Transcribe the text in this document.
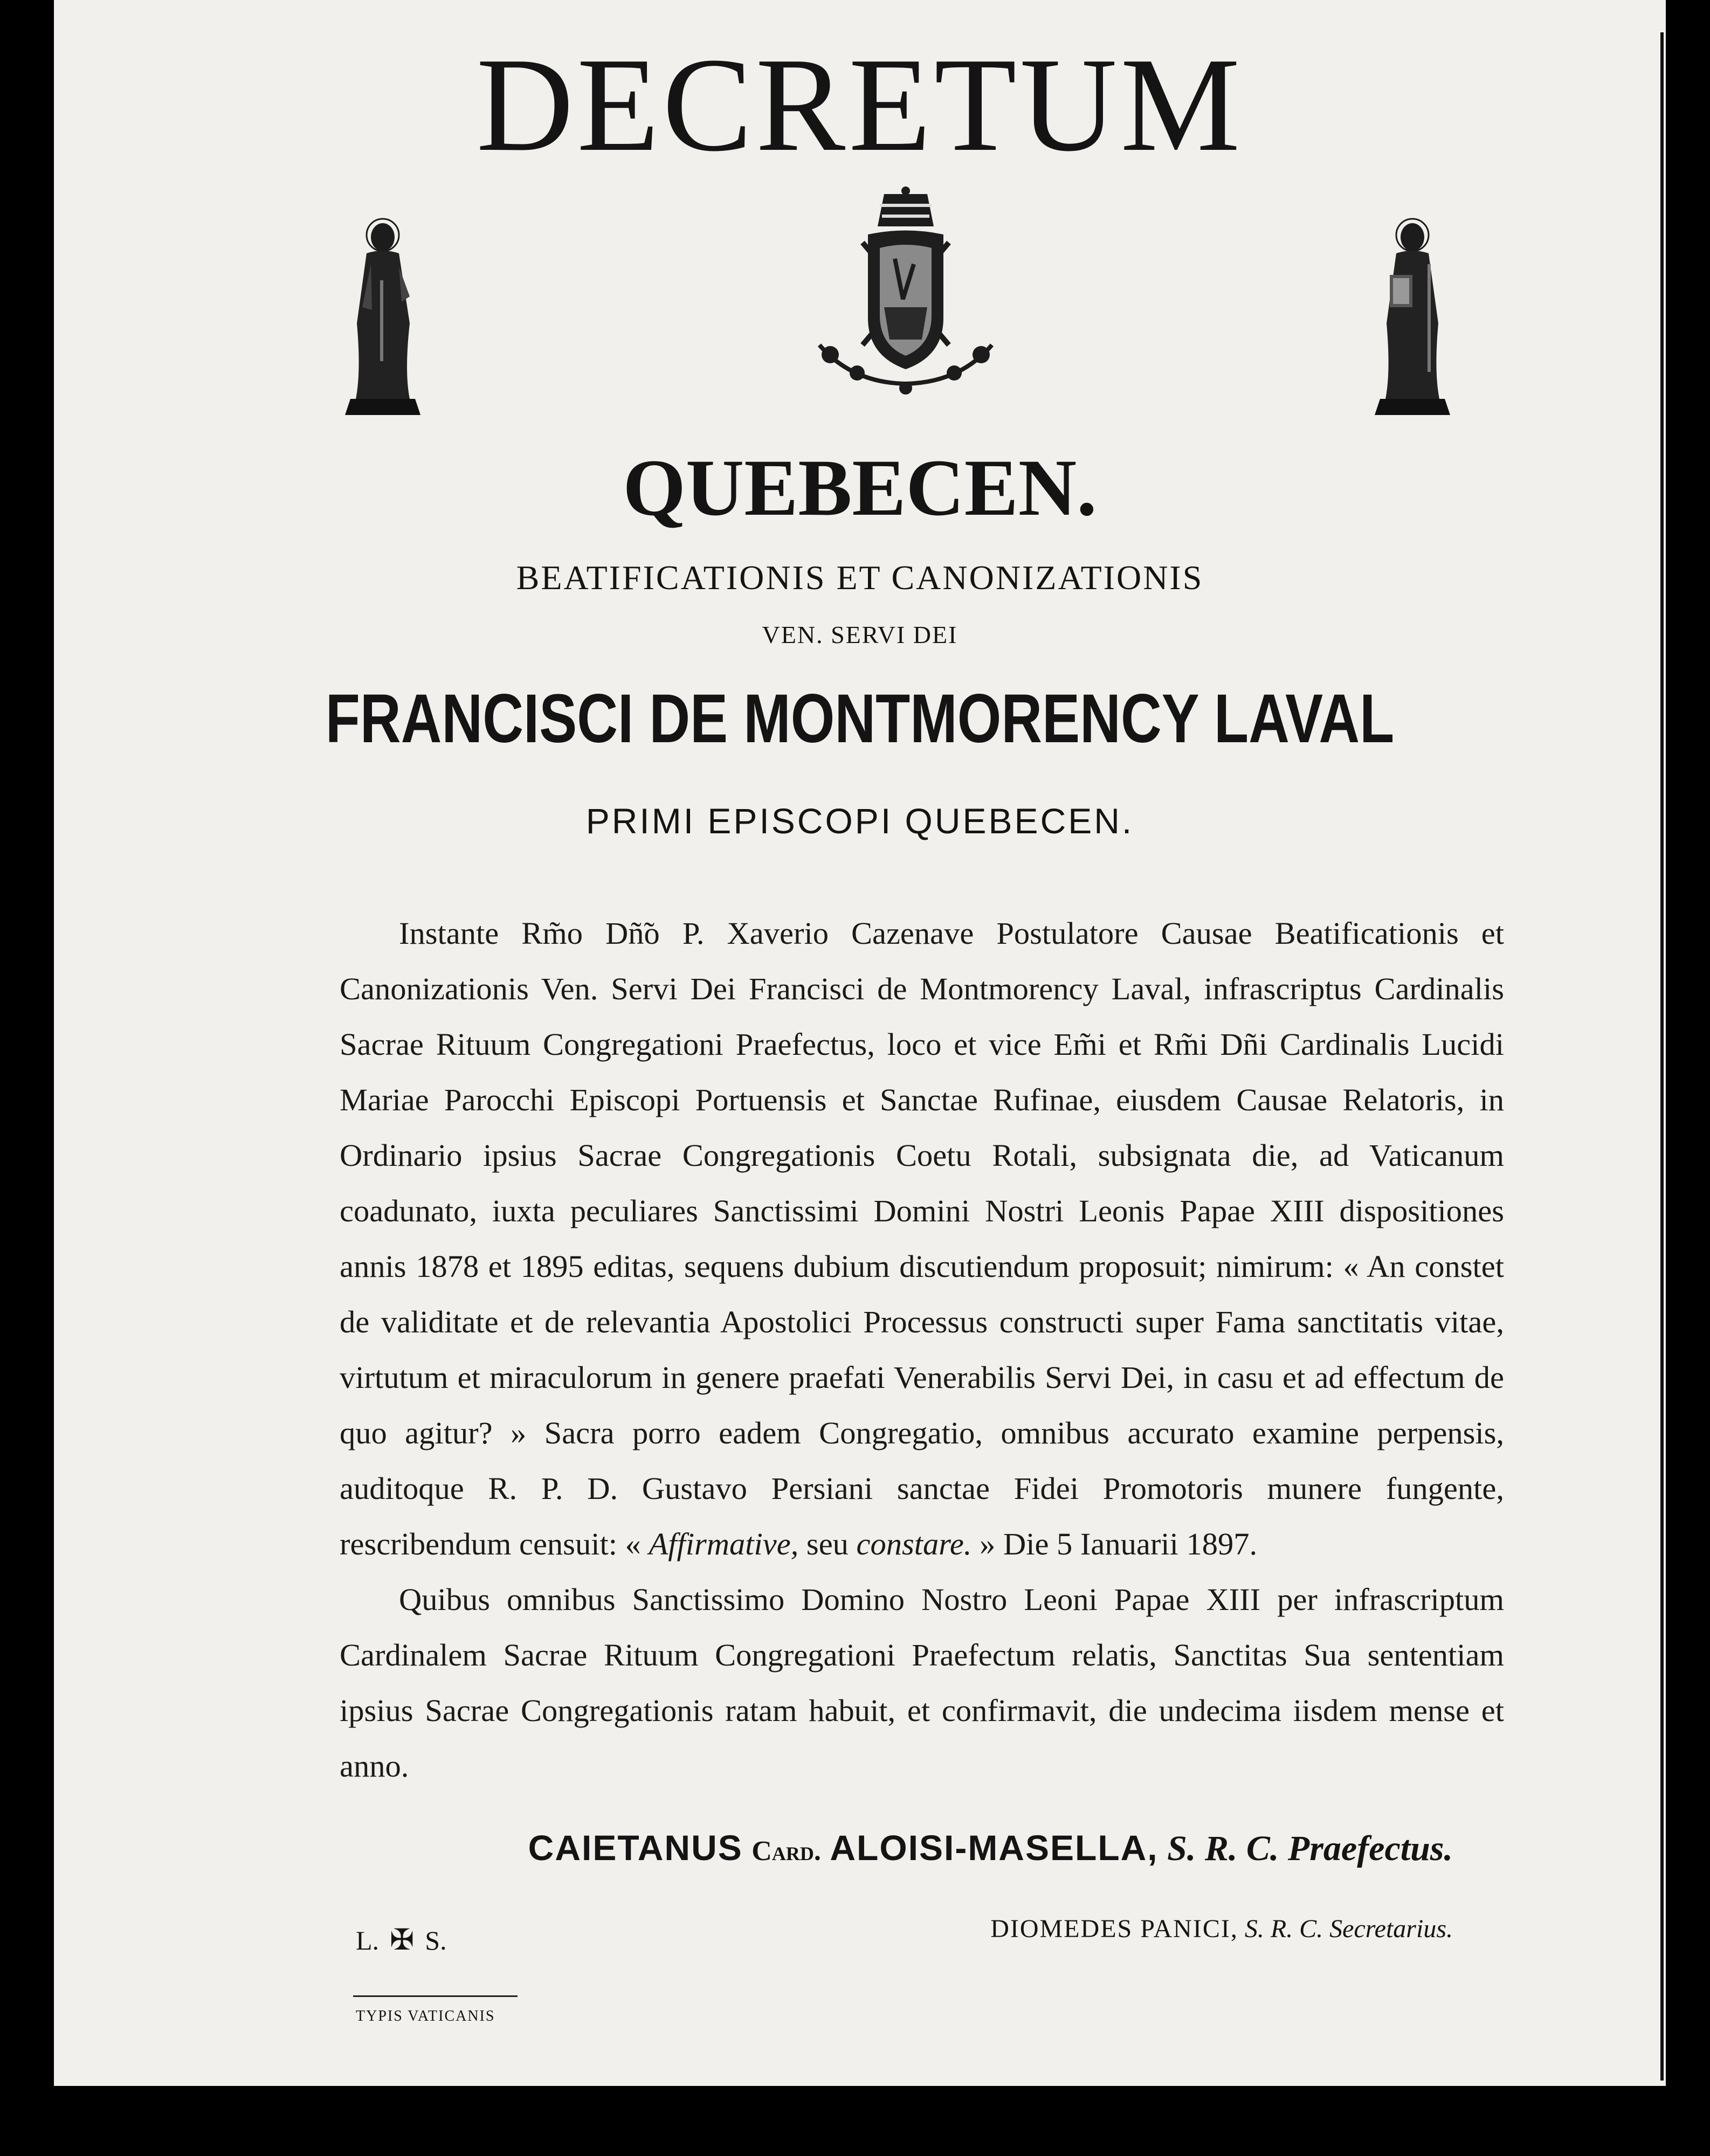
DECRETUM
QUEBECEN.
BEATIFICATIONIS ET CANONIZATIONIS
VEN. SERVI DEI
FRANCISCI DE MONTMORENCY LAVAL
PRIMI EPISCOPI QUEBECEN.

Instante Rm̃o Dñ̃o P. Xaverio Cazenave Postulatore Causae Beatificationis et Canonizationis Ven. Servi Dei Francisci de Montmorency Laval, infrascriptus Cardinalis Sacrae Rituum Congregationi Praefectus, loco et vice Em̃i et Rm̃i Dñi Cardinalis Lucidi Mariae Parocchi Episcopi Portuensis et Sanctae Rufinae, eiusdem Causae Relatoris, in Ordinario ipsius Sacrae Congregationis Coetu Rotali, subsignata die, ad Vaticanum coadunato, iuxta peculiares Sanctissimi Domini Nostri Leonis Papae XIII dispositiones annis 1878 et 1895 editas, sequens dubium discutiendum proposuit; nimirum: « An constet de validitate et de relevantia Apostolici Processus constructi super Fama sanctitatis vitae, virtutum et miraculorum in genere praefati Venerabilis Servi Dei, in casu et ad effectum de quo agitur? » Sacra porro eadem Congregatio, omnibus accurato examine perpensis, auditoque R. P. D. Gustavo Persiani sanctae Fidei Promotoris munere fungente, rescribendum censuit: « Affirmative, seu constare. » Die 5 Ianuarii 1897.

Quibus omnibus Sanctissimo Domino Nostro Leoni Papae XIII per infrascriptum Cardinalem Sacrae Rituum Congregationi Praefectum relatis, Sanctitas Sua sententiam ipsius Sacrae Congregationis ratam habuit, et confirmavit, die undecima iisdem mense et anno.

CAIETANUS Card. ALOISI-MASELLA, S. R. C. Praefectus.
L. ✠ S.	DIOMEDES PANICI, S. R. C. Secretarius.
TYPIS VATICANIS
